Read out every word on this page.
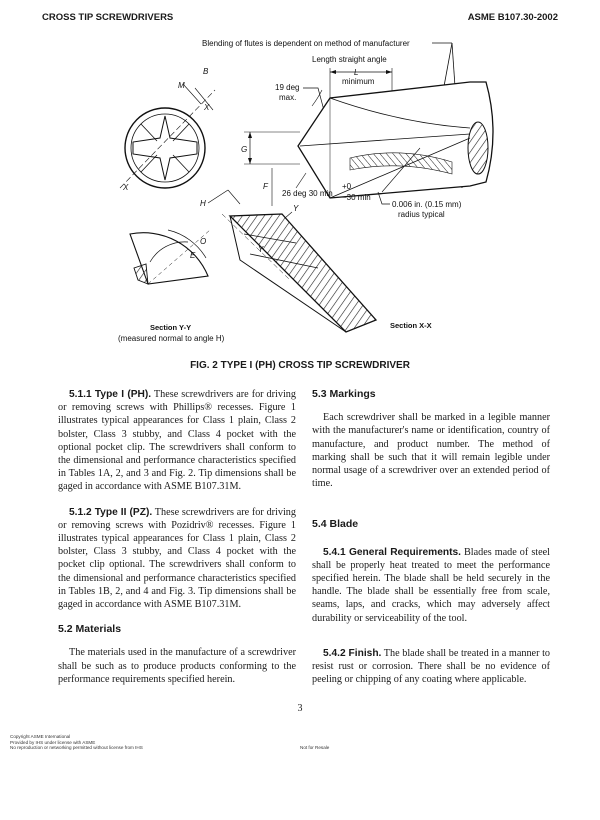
CROSS TIP SCREWDRIVERS	ASME B107.30-2002
Blending of flutes is dependent on method of manufacturer
Length straight angle
L
minimum
19 deg
max.
B
M
X
X
G
F
26 deg 30 min
+0
−30 min
0.006 in. (0.15 mm)
radius typical
H
Y
Y
O
E
Section Y-Y
(measured normal to angle H)
Section X-X
FIG. 2 TYPE I (PH) CROSS TIP SCREWDRIVER

5.1.1 Type I (PH). These screwdrivers are for driving or removing screws with Phillips® recesses. Figure 1 illustrates typical appearances for Class 1 plain, Class 2 bolster, Class 3 stubby, and Class 4 pocket with the optional pocket clip. The screwdrivers shall conform to the dimensional and performance characteristics specified in Tables 1A, 2, and 3 and Fig. 2. Tip dimensions shall be gaged in accordance with ASME B107.31M.

5.1.2 Type II (PZ). These screwdrivers are for driving or removing screws with Pozidriv® recesses. Figure 1 illustrates typical appearances for Class 1 plain, Class 2 bolster, Class 3 stubby, and Class 4 pocket with the pocket clip optional. The screwdrivers shall conform to the dimensional and performance characteristics specified in Tables 1B, 2, and 4 and Fig. 3. Tip dimensions shall be gaged in accordance with ASME B107.31M.

5.2 Materials

The materials used in the manufacture of a screwdriver shall be such as to produce products conforming to the performance requirements specified herein.

5.3 Markings

Each screwdriver shall be marked in a legible manner with the manufacturer's name or identification, country of manufacture, and product number. The method of marking shall be such that it will remain legible under normal usage of a screwdriver over an extended period of time.

5.4 Blade

5.4.1 General Requirements. Blades made of steel shall be properly heat treated to meet the performance specified herein. The blade shall be held securely in the handle. The blade shall be essentially free from scale, seams, laps, and cracks, which may adversely affect durability or serviceability of the tool.

5.4.2 Finish. The blade shall be treated in a manner to resist rust or corrosion. There shall be no evidence of peeling or chipping of any coating where applicable.

3
Copyright ASME International
Provided by IHS under license with ASME
No reproduction or networking permitted without license from IHS	Not for Resale
